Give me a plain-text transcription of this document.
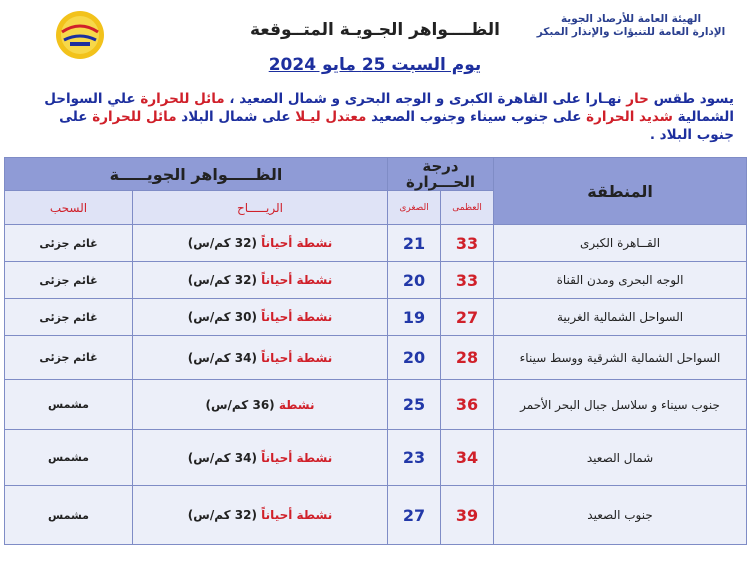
الهيئة العامة للأرصاد الجوية
الإدارة العامة للتنبؤات والإنذار المبكر
الظــــواهر الجـويـة المتــوقعة
يوم السبت 25 مايو 2024
يسود طقس حار نهـارا على القاهرة الكبرى و الوجه البحرى و شمال الصعيد ، مائل للحرارة علي السواحل الشمالية شديد الحرارة على جنوب سيناء وجنوب الصعيد معتدل ليـلا على شمال البلاد مائل للحرارة على جنوب البلاد .
الظـــــواهر الجويـــــة		درجة الحـــرارة		المنطقة
السحب	الريـــــاح	الصغرى	العظمى	
غائم جزئى	نشطة أحياناً (32 كم/س)	21	33	القــاهرة الكبرى
غائم جزئى	نشطة أحياناً (32 كم/س)	20	33	الوجه البحرى ومدن القناة
غائم جزئى	نشطة أحياناً (30 كم/س)	19	27	السواحل الشمالية الغربية
غائم جزئى	نشطة أحياناً (34 كم/س)	20	28	السواحل الشمالية الشرقية ووسط سيناء
مشمس	نشطة (36 كم/س)	25	36	جنوب سيناء و سلاسل جبال البحر الأحمر
مشمس	نشطة أحياناً (34 كم/س)	23	34	شمال الصعيد
مشمس	نشطة أحياناً (32 كم/س)	27	39	جنوب الصعيد
